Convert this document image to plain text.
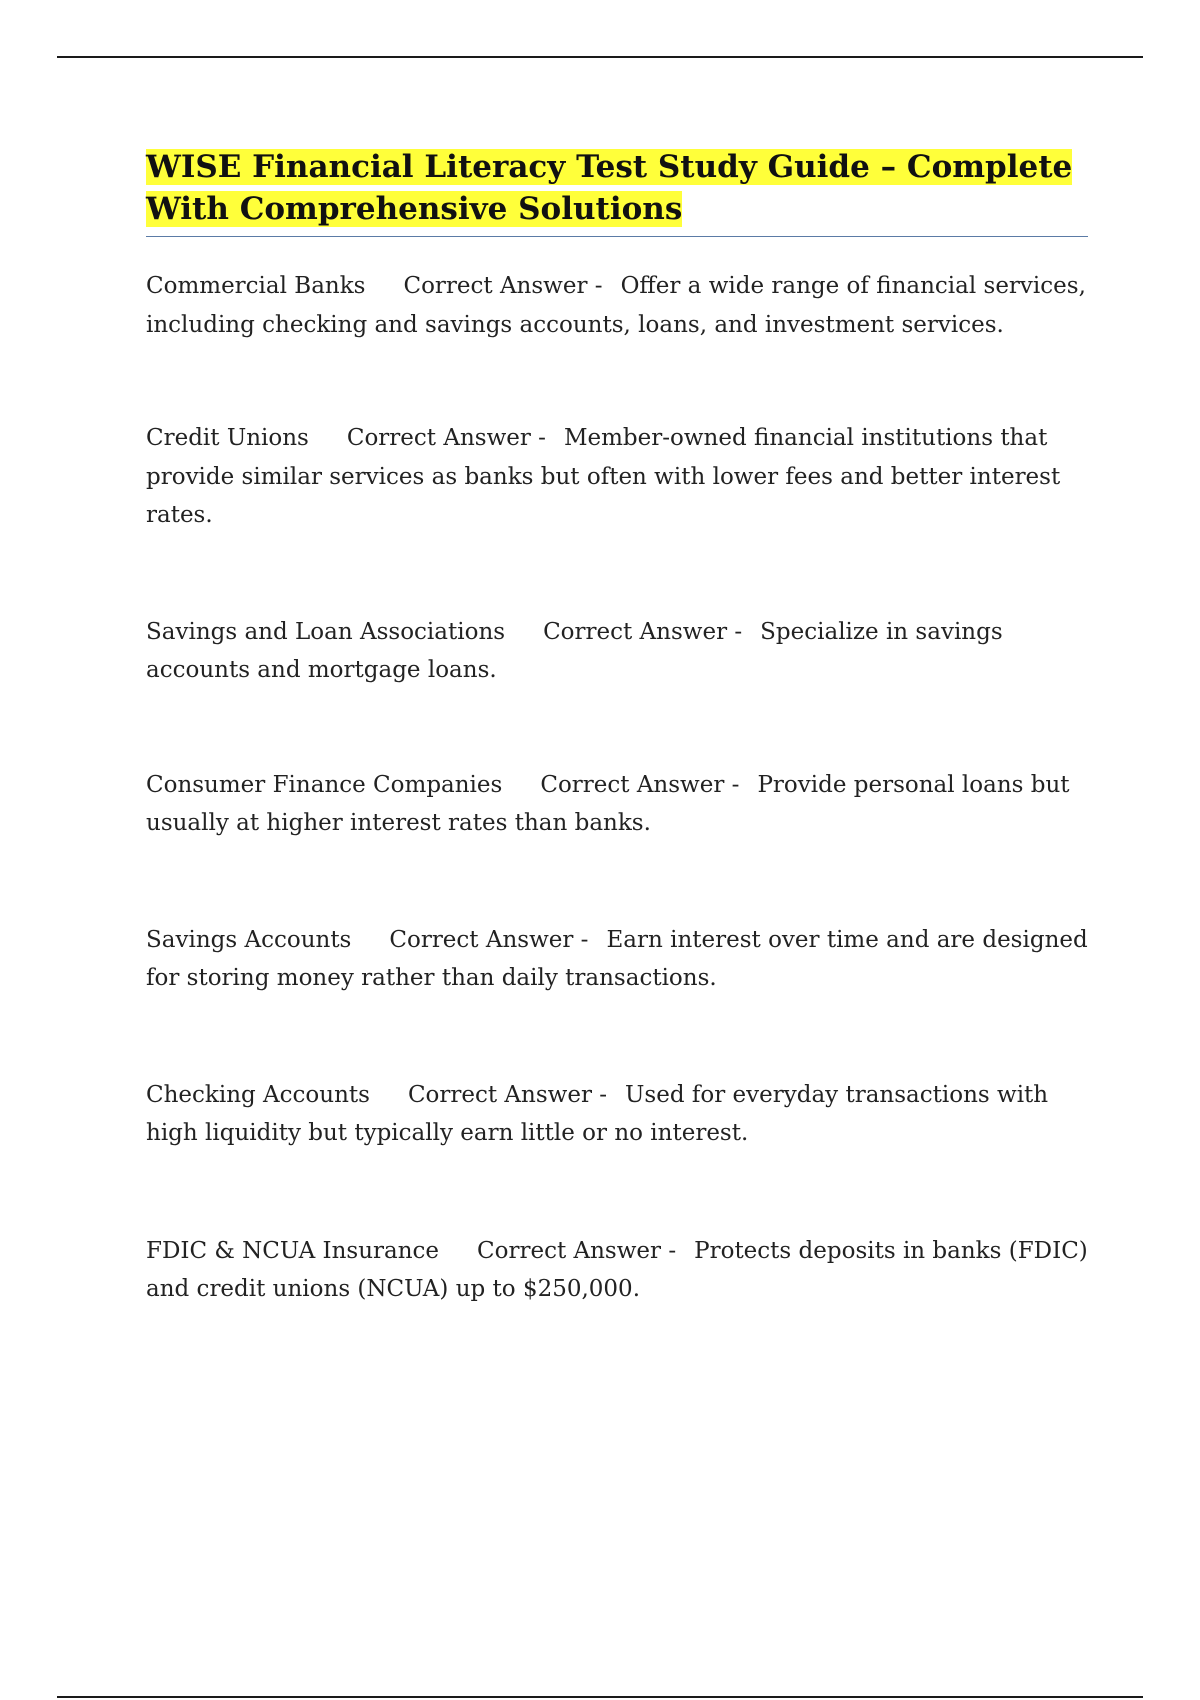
WISE Financial Literacy Test Study Guide – Complete With Comprehensive Solutions

Commercial Banks Correct Answer - Offer a wide range of financial services, including checking and savings accounts, loans, and investment services.

Credit Unions Correct Answer - Member-owned financial institutions that provide similar services as banks but often with lower fees and better interest rates.

Savings and Loan Associations Correct Answer - Specialize in savings accounts and mortgage loans.

Consumer Finance Companies Correct Answer - Provide personal loans but usually at higher interest rates than banks.

Savings Accounts Correct Answer - Earn interest over time and are designed for storing money rather than daily transactions.

Checking Accounts Correct Answer - Used for everyday transactions with high liquidity but typically earn little or no interest.

FDIC & NCUA Insurance Correct Answer - Protects deposits in banks (FDIC) and credit unions (NCUA) up to $250,000.
